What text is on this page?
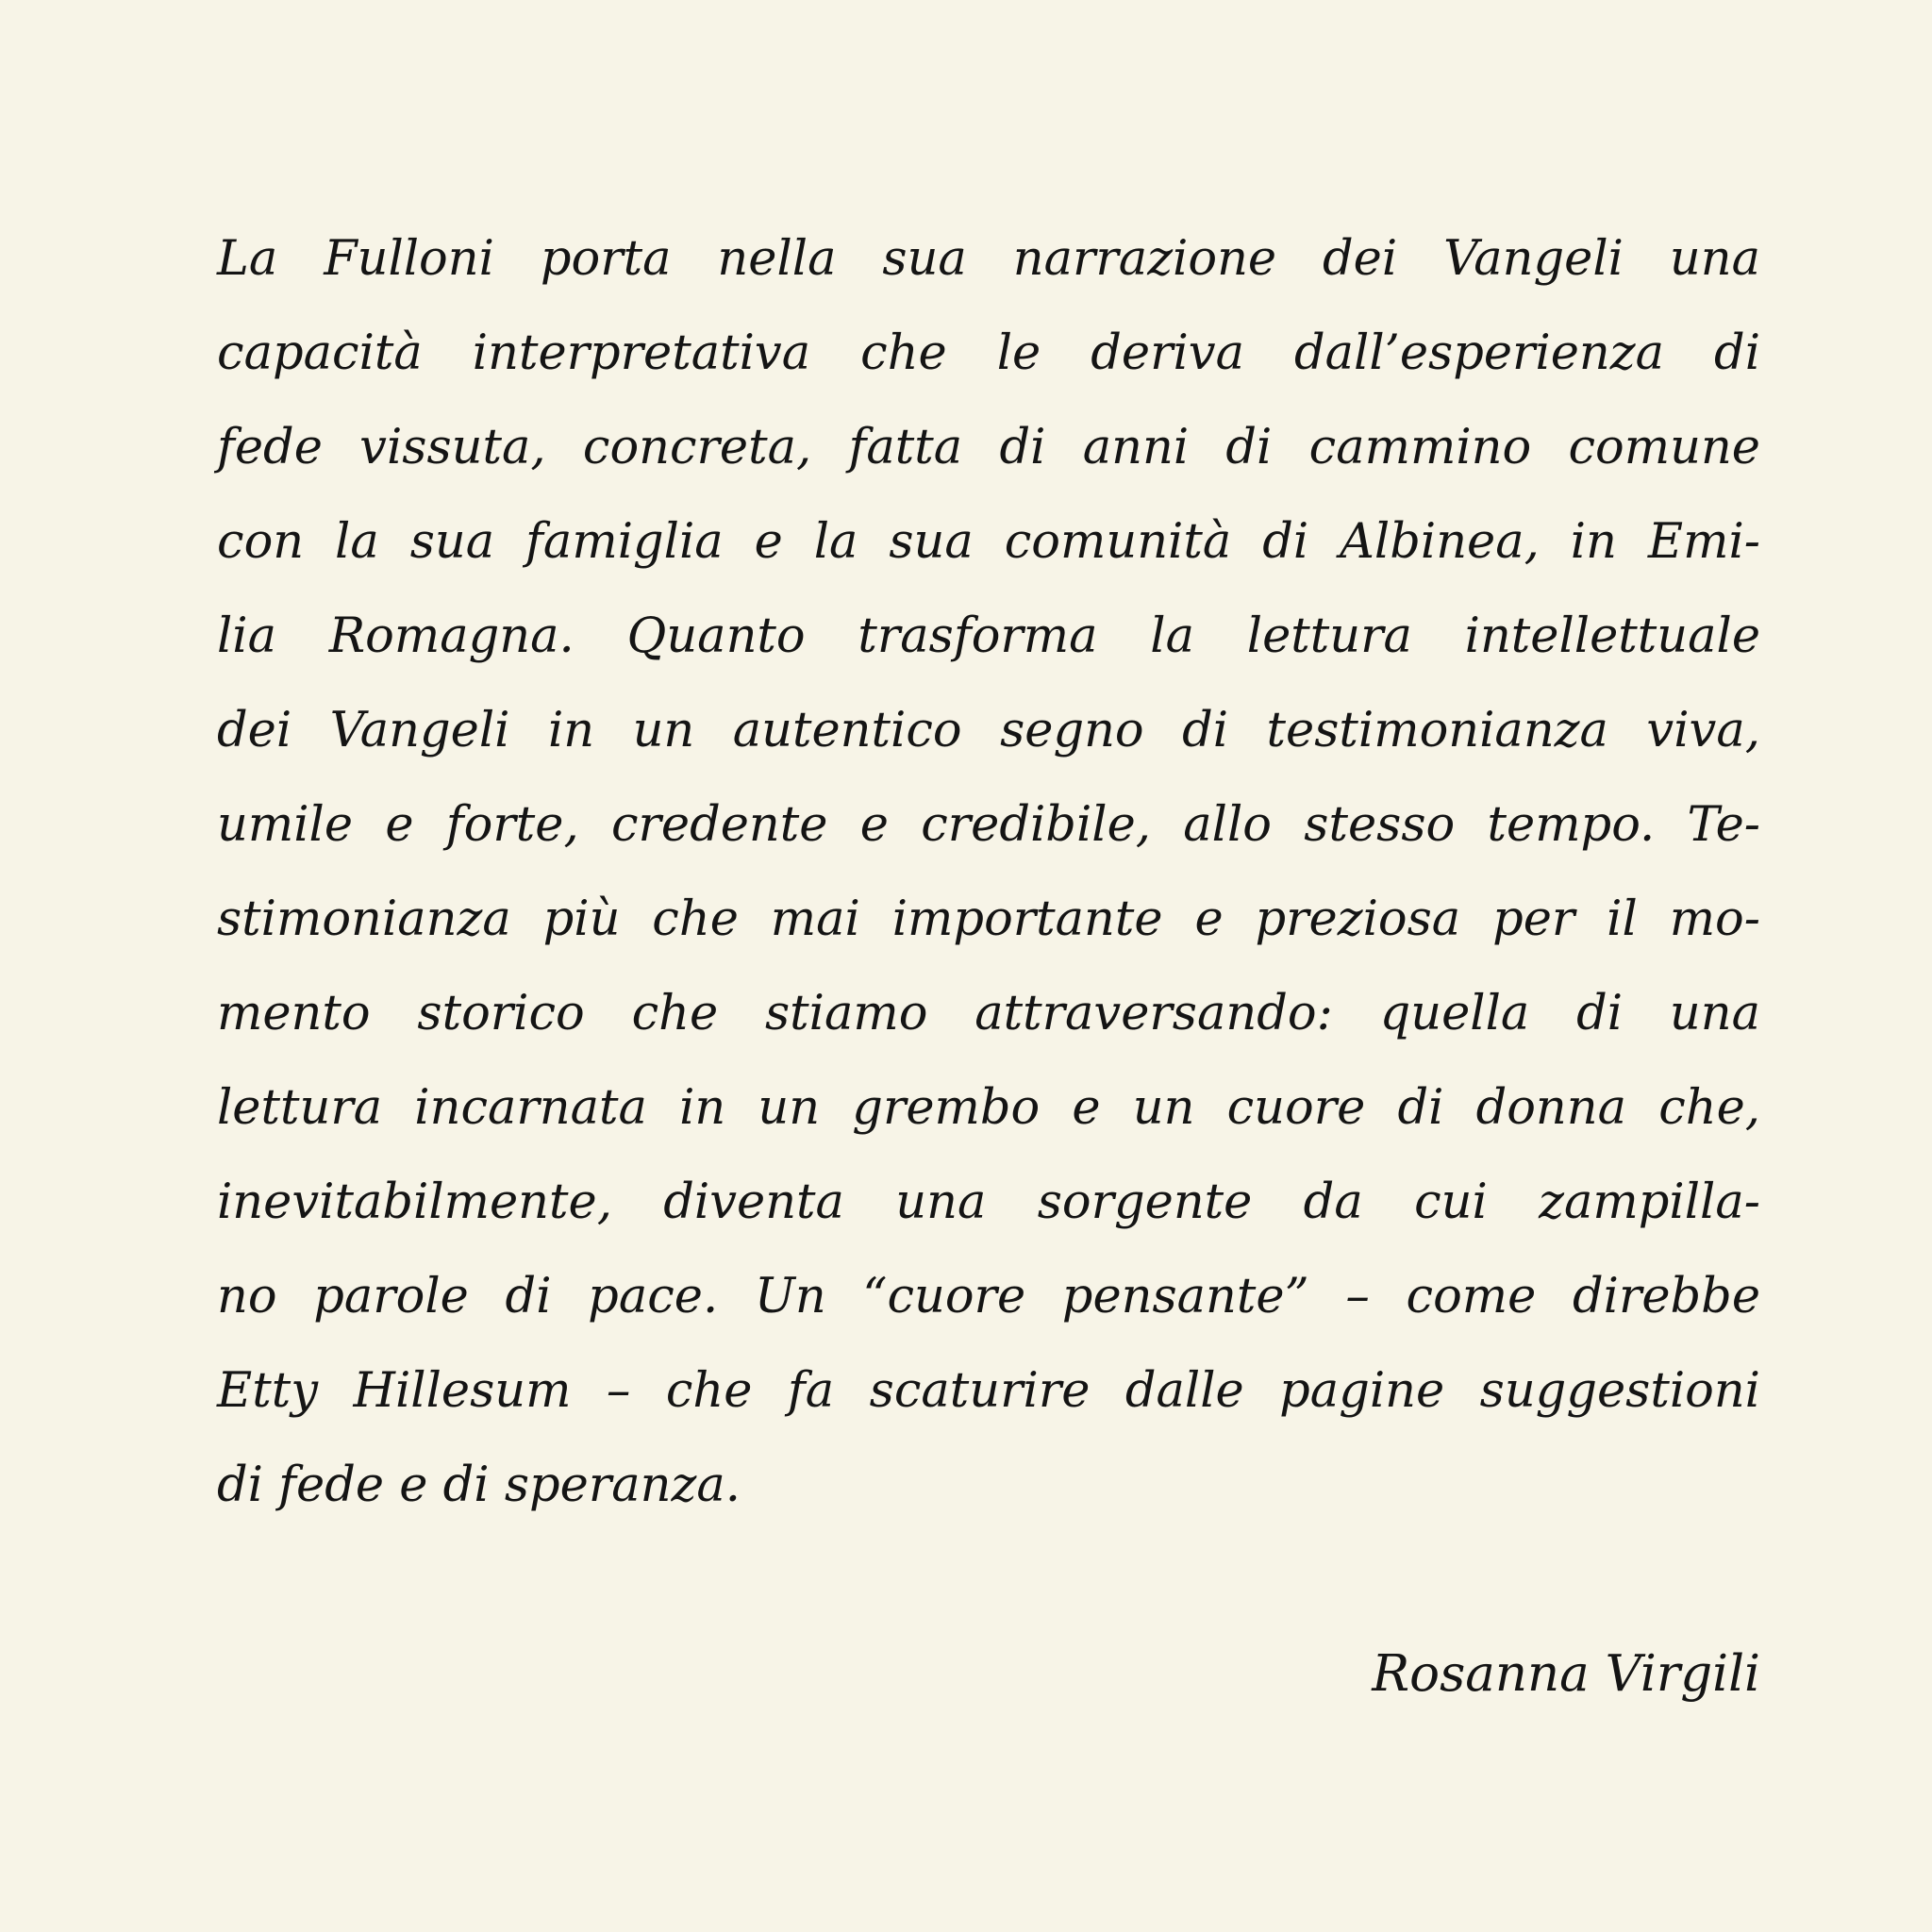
La Fulloni porta nella sua narrazione dei Vangeli una
capacità interpretativa che le deriva dall’esperienza di
fede vissuta, concreta, fatta di anni di cammino comune
con la sua famiglia e la sua comunità di Albinea, in Emi-
lia Romagna. Quanto trasforma la lettura intellettuale
dei Vangeli in un autentico segno di testimonianza viva,
umile e forte, credente e credibile, allo stesso tempo. Te-
stimonianza più che mai importante e preziosa per il mo-
mento storico che stiamo attraversando: quella di una
lettura incarnata in un grembo e un cuore di donna che,
inevitabilmente, diventa una sorgente da cui zampilla-
no parole di pace. Un “cuore pensante” – come direbbe
Etty Hillesum – che fa scaturire dalle pagine suggestioni
di fede e di speranza.
Rosanna Virgili
